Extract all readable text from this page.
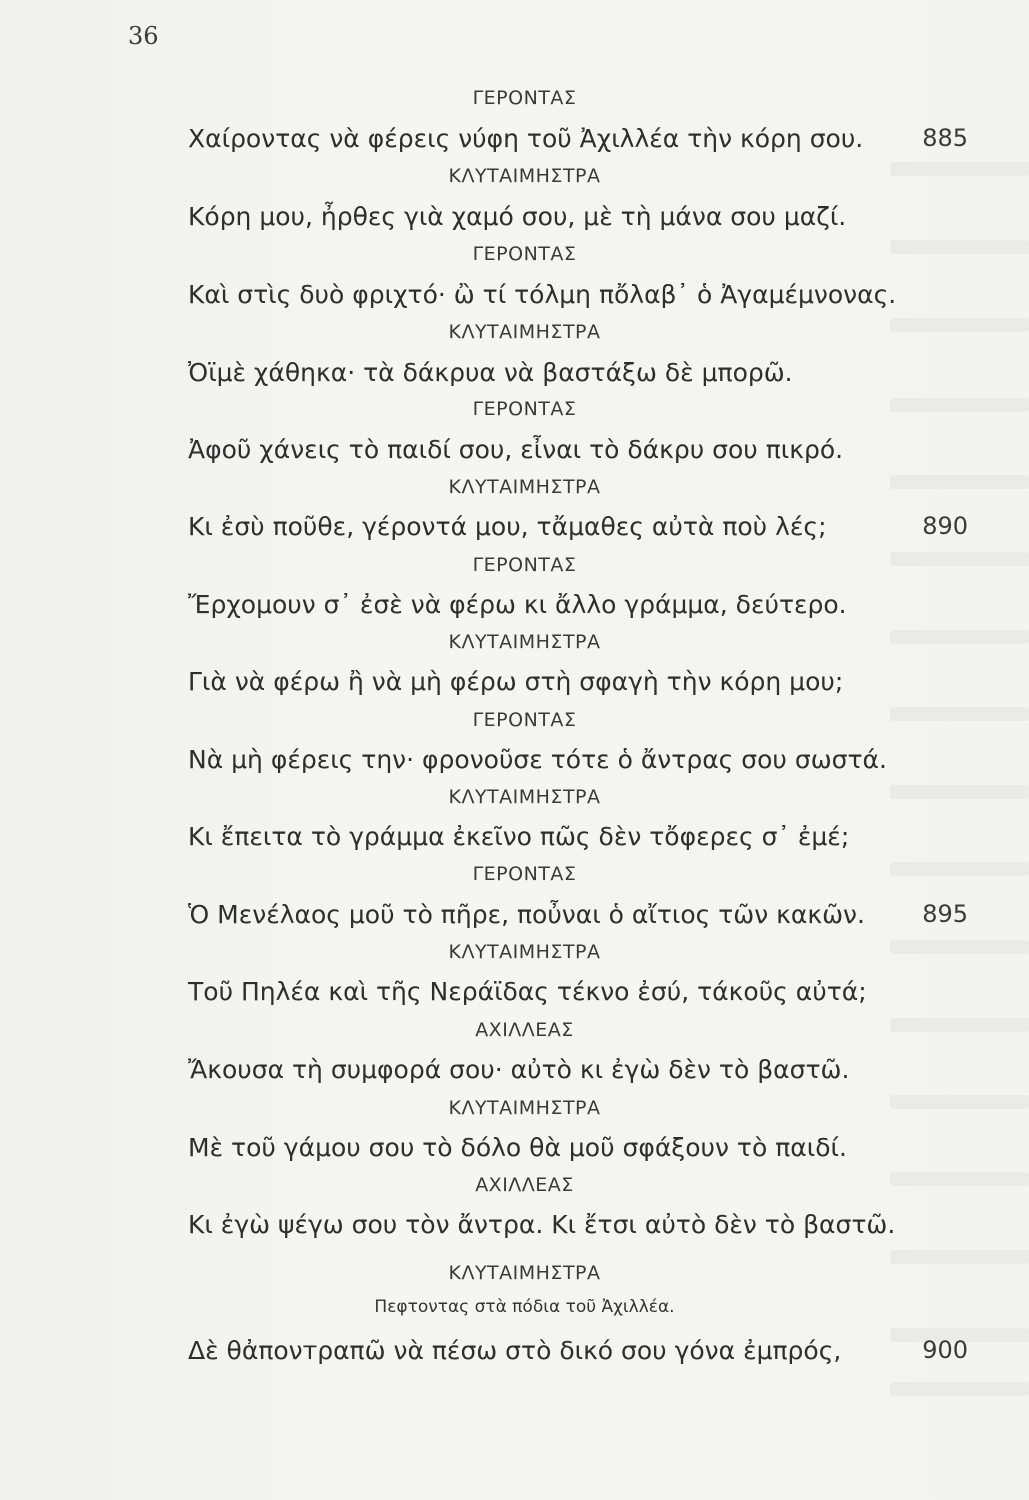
36
ΓΕΡΟΝΤΑΣ
Χαίροντας νὰ φέρεις νύφη τοῦ Ἀχιλλέα τὴν κόρη σου.	885
ΚΛΥΤΑΙΜΗΣΤΡΑ
Κόρη μου, ἦρθες γιὰ χαμό σου, μὲ τὴ μάνα σου μαζί.
ΓΕΡΟΝΤΑΣ
Καὶ στὶς δυὸ φριχτό· ὢ τί τόλμη πὄλαβ᾽ ὁ Ἀγαμέμνονας.
ΚΛΥΤΑΙΜΗΣΤΡΑ
Ὀϊμὲ χάθηκα· τὰ δάκρυα νὰ βαστάξω δὲ μπορῶ.
ΓΕΡΟΝΤΑΣ
Ἀφοῦ χάνεις τὸ παιδί σου, εἶναι τὸ δάκρυ σου πικρό.
ΚΛΥΤΑΙΜΗΣΤΡΑ
Κι ἐσὺ ποῦθε, γέροντά μου, τἄμαθες αὐτὰ ποὺ λές;	890
ΓΕΡΟΝΤΑΣ
Ἔρχομουν σ᾽ ἐσὲ νὰ φέρω κι ἄλλο γράμμα, δεύτερο.
ΚΛΥΤΑΙΜΗΣΤΡΑ
Γιὰ νὰ φέρω ἢ νὰ μὴ φέρω στὴ σφαγὴ τὴν κόρη μου;
ΓΕΡΟΝΤΑΣ
Νὰ μὴ φέρεις την· φρονοῦσε τότε ὁ ἄντρας σου σωστά.
ΚΛΥΤΑΙΜΗΣΤΡΑ
Κι ἔπειτα τὸ γράμμα ἐκεῖνο πῶς δὲν τὄφερες σ᾽ ἐμέ;
ΓΕΡΟΝΤΑΣ
Ὁ Μενέλαος μοῦ τὸ πῆρε, ποὖναι ὁ αἴτιος τῶν κακῶν.	895
ΚΛΥΤΑΙΜΗΣΤΡΑ
Τοῦ Πηλέα καὶ τῆς Νεράϊδας τέκνο ἐσύ, τάκοῦς αὐτά;
ΑΧΙΛΛΕΑΣ
Ἄκουσα τὴ συμφορά σου· αὐτὸ κι ἐγὼ δὲν τὸ βαστῶ.
ΚΛΥΤΑΙΜΗΣΤΡΑ
Μὲ τοῦ γάμου σου τὸ δόλο θὰ μοῦ σφάξουν τὸ παιδί.
ΑΧΙΛΛΕΑΣ
Κι ἐγὼ ψέγω σου τὸν ἄντρα. Κι ἔτσι αὐτὸ δὲν τὸ βαστῶ.
ΚΛΥΤΑΙΜΗΣΤΡΑ
Πεφτοντας στὰ πόδια τοῦ Ἀχιλλέα.
Δὲ θἀπονтραπῶ νὰ πέσω στὸ δικό σου γόνα ἐμπρός,	900
